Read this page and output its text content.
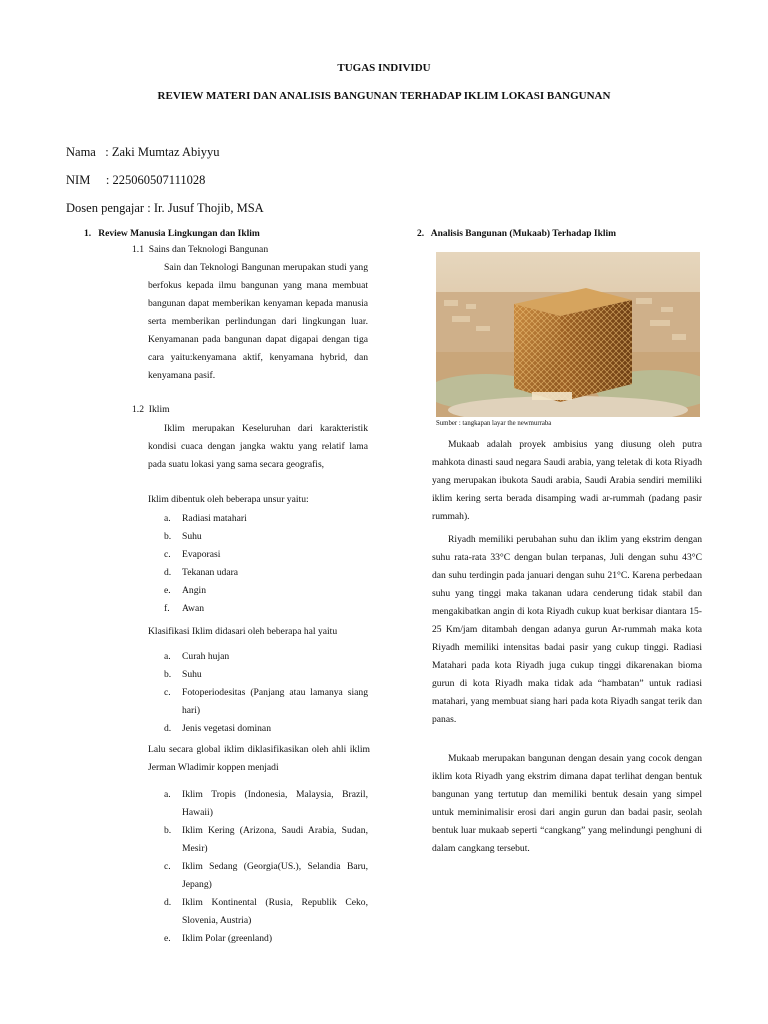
TUGAS INDIVIDU
REVIEW MATERI DAN ANALISIS BANGUNAN TERHADAP IKLIM LOKASI BANGUNAN
Nama   : Zaki Mumtaz Abiyyu
NIM     : 225060507111028
Dosen pengajar : Ir. Jusuf Thojib, MSA
1.   Review Manusia Lingkungan dan Iklim
1.1  Sains dan Teknologi Bangunan
Sain dan Teknologi Bangunan merupakan studi yang berfokus kepada ilmu bangunan yang mana membuat bangunan dapat memberikan kenyaman kepada manusia serta memberikan perlindungan dari lingkungan luar. Kenyamanan pada bangunan dapat digapai dengan tiga cara yaitu:kenyamana aktif, kenyamana hybrid, dan kenyamana pasif.
1.2  Iklim
Iklim merupakan Keseluruhan dari karakteristik kondisi cuaca dengan jangka waktu yang relatif lama pada suatu lokasi yang sama secara geografis,
Iklim dibentuk oleh beberapa unsur yaitu:
a.	Radiasi matahari
b.	Suhu
c.	Evaporasi
d.	Tekanan udara
e.	Angin
f.	Awan
Klasifikasi Iklim didasari oleh beberapa hal yaitu
a.	Curah hujan
b.	Suhu
c.	Fotoperiodesitas (Panjang atau lamanya siang hari)
d.	Jenis vegetasi dominan
Lalu secara global iklim diklasifikasikan oleh ahli iklim Jerman Wladimir koppen menjadi
a.	Iklim Tropis (Indonesia, Malaysia, Brazil, Hawaii)
b.	Iklim Kering (Arizona, Saudi Arabia, Sudan, Mesir)
c.	Iklim Sedang (Georgia(US.), Selandia Baru, Jepang)
d.	Iklim Kontinental (Rusia, Republik Ceko, Slovenia, Austria)
e.	Iklim Polar (greenland)
2.   Analisis Bangunan (Mukaab) Terhadap Iklim
Sumber : tangkapan layar the newmurraba
Mukaab adalah proyek ambisius yang diusung oleh putra mahkota dinasti saud negara Saudi arabia, yang teletak di kota Riyadh yang merupakan ibukota Saudi arabia, Saudi Arabia sendiri memiliki iklim kering serta berada disamping wadi ar-rummah (padang pasir rummah).
Riyadh memiliki perubahan suhu dan iklim yang ekstrim dengan suhu rata-rata 33°C dengan bulan terpanas, Juli dengan suhu 43°C dan suhu terdingin pada januari dengan suhu 21°C. Karena perbedaan suhu yang tinggi maka takanan udara cenderung tidak stabil dan mengakibatkan angin di kota Riyadh cukup kuat berkisar diantara 15-25 Km/jam ditambah dengan adanya gurun Ar-rummah maka kota Riyadh memiliki intensitas badai pasir yang cukup tinggi. Radiasi Matahari pada kota Riyadh juga cukup tinggi dikarenakan bioma gurun di kota Riyadh maka tidak ada “hambatan” untuk radiasi matahari, yang membuat siang hari pada kota Riyadh sangat terik dan panas.
Mukaab merupakan bangunan dengan desain yang cocok dengan iklim kota Riyadh yang ekstrim dimana dapat terlihat dengan bentuk bangunan yang tertutup dan memiliki bentuk desain yang simpel untuk meminimalisir erosi dari angin gurun dan badai pasir, seolah bentuk luar mukaab seperti “cangkang” yang melindungi penghuni di dalam cangkang tersebut.
